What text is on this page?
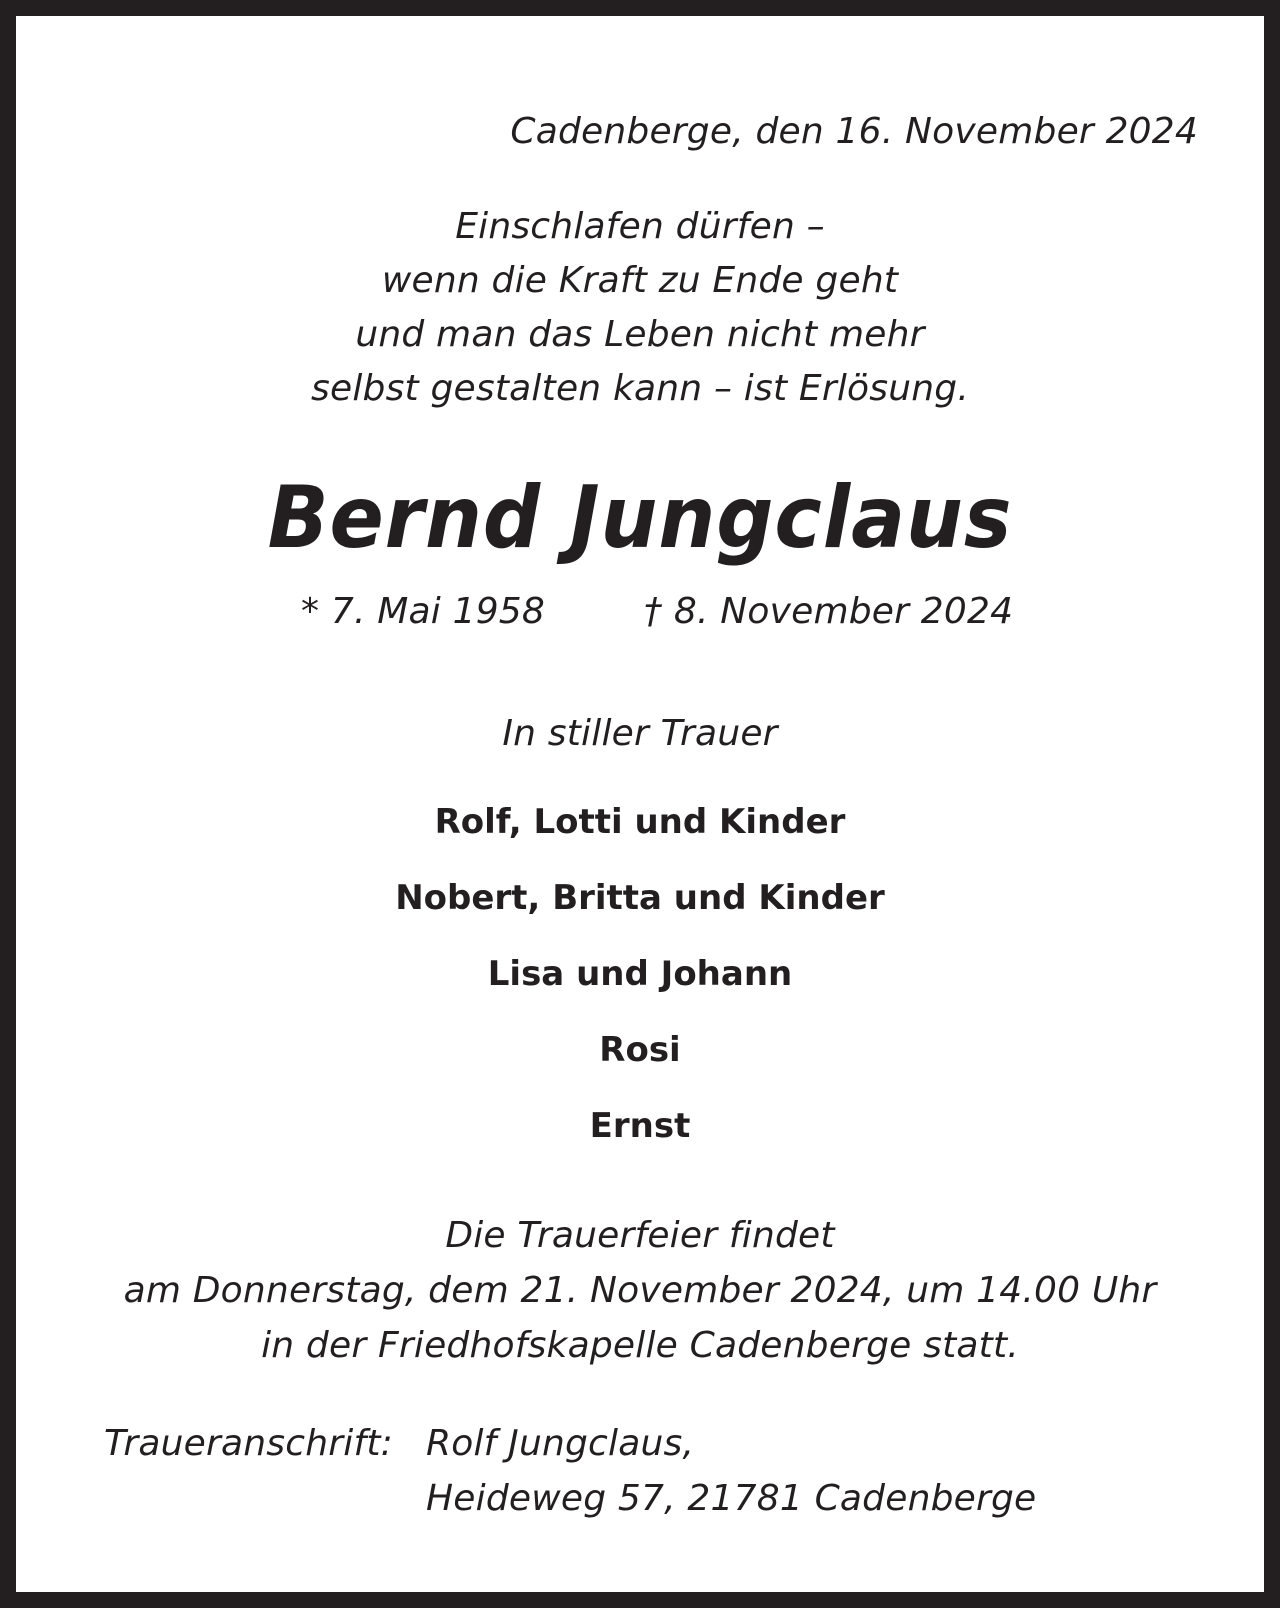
Cadenberge, den 16. November 2024
Einschlafen dürfen –
wenn die Kraft zu Ende geht
und man das Leben nicht mehr
selbst gestalten kann – ist Erlösung.
Bernd Jungclaus
* 7. Mai 1958	† 8. November 2024
In stiller Trauer
Rolf, Lotti und Kinder
Nobert, Britta und Kinder
Lisa und Johann
Rosi
Ernst
Die Trauerfeier findet
am Donnerstag, dem 21. November 2024, um 14.00 Uhr
in der Friedhofskapelle Cadenberge statt.
Traueranschrift: Rolf Jungclaus,
Heideweg 57, 21781 Cadenberge
